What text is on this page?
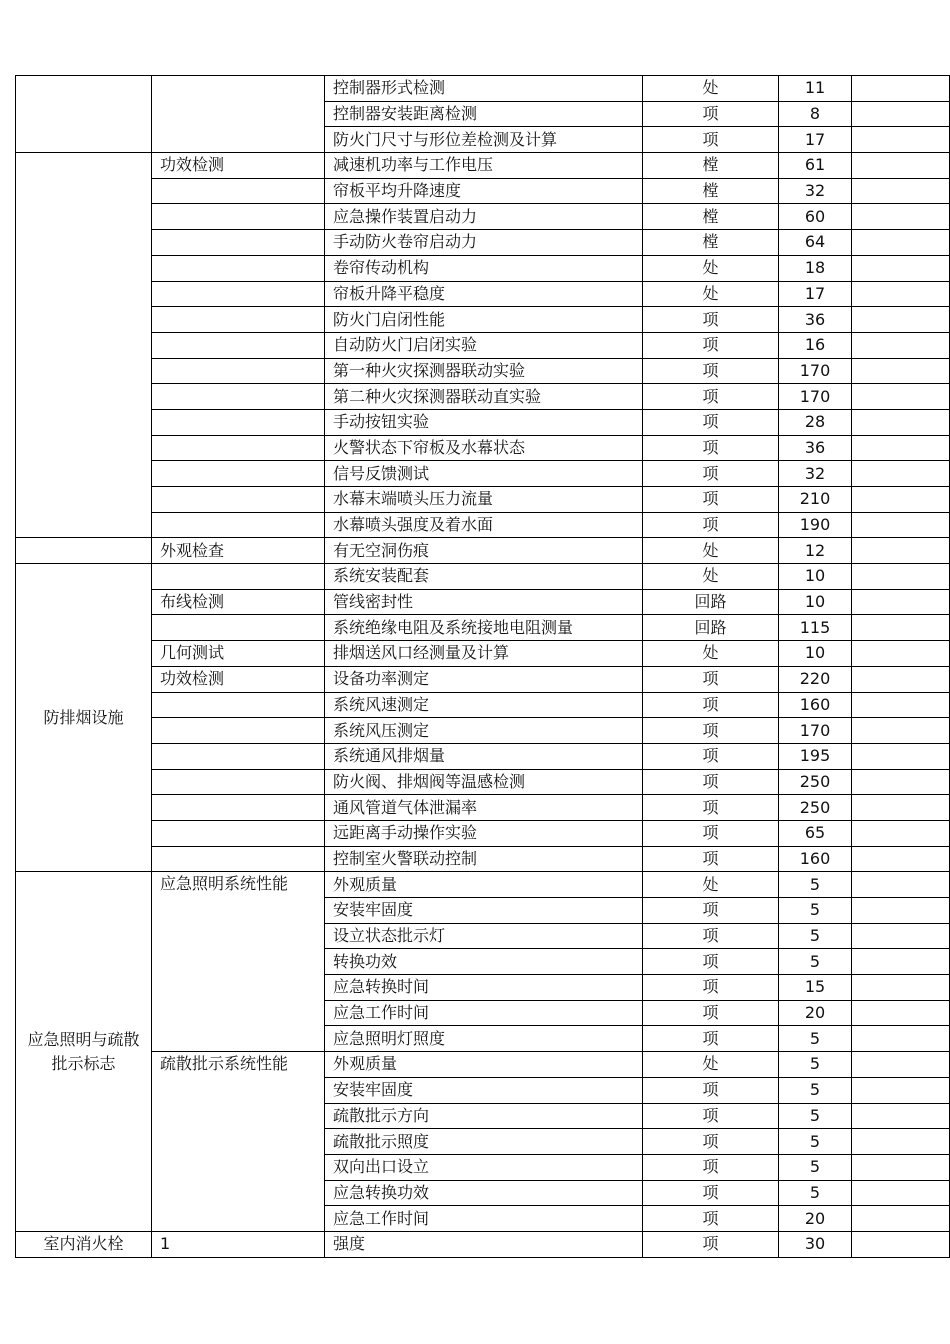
		控制器形式检测	处	11	
		控制器安装距离检测	项	8	
		防火门尺寸与形位差检测及计算	项	17	
	功效检测	减速机功率与工作电压	樘	61	
		帘板平均升降速度	樘	32	
		应急操作装置启动力	樘	60	
		手动防火卷帘启动力	樘	64	
		卷帘传动机构	处	18	
		帘板升降平稳度	处	17	
		防火门启闭性能	项	36	
		自动防火门启闭实验	项	16	
		第一种火灾探测器联动实验	项	170	
		第二种火灾探测器联动直实验	项	170	
		手动按钮实验	项	28	
		火警状态下帘板及水幕状态	项	36	
		信号反馈测试	项	32	
		水幕末端喷头压力流量	项	210	
		水幕喷头强度及着水面	项	190	
	外观检查	有无空洞伤痕	处	12	
防排烟设施		系统安装配套	处	10	
	布线检测	管线密封性	回路	10	
		系统绝缘电阻及系统接地电阻测量	回路	115	
	几何测试	排烟送风口经测量及计算	处	10	
	功效检测	设备功率测定	项	220	
		系统风速测定	项	160	
		系统风压测定	项	170	
		系统通风排烟量	项	195	
		防火阀、排烟阀等温感检测	项	250	
		通风管道气体泄漏率	项	250	
		远距离手动操作实验	项	65	
		控制室火警联动控制	项	160	
应急照明与疏散批示标志	应急照明系统性能	外观质量	处	5	
		安装牢固度	项	5	
		设立状态批示灯	项	5	
		转换功效	项	5	
		应急转换时间	项	15	
		应急工作时间	项	20	
		应急照明灯照度	项	5	
	疏散批示系统性能	外观质量	处	5	
		安装牢固度	项	5	
		疏散批示方向	项	5	
		疏散批示照度	项	5	
		双向出口设立	项	5	
		应急转换功效	项	5	
		应急工作时间	项	20	
室内消火栓	1	强度	项	30	
